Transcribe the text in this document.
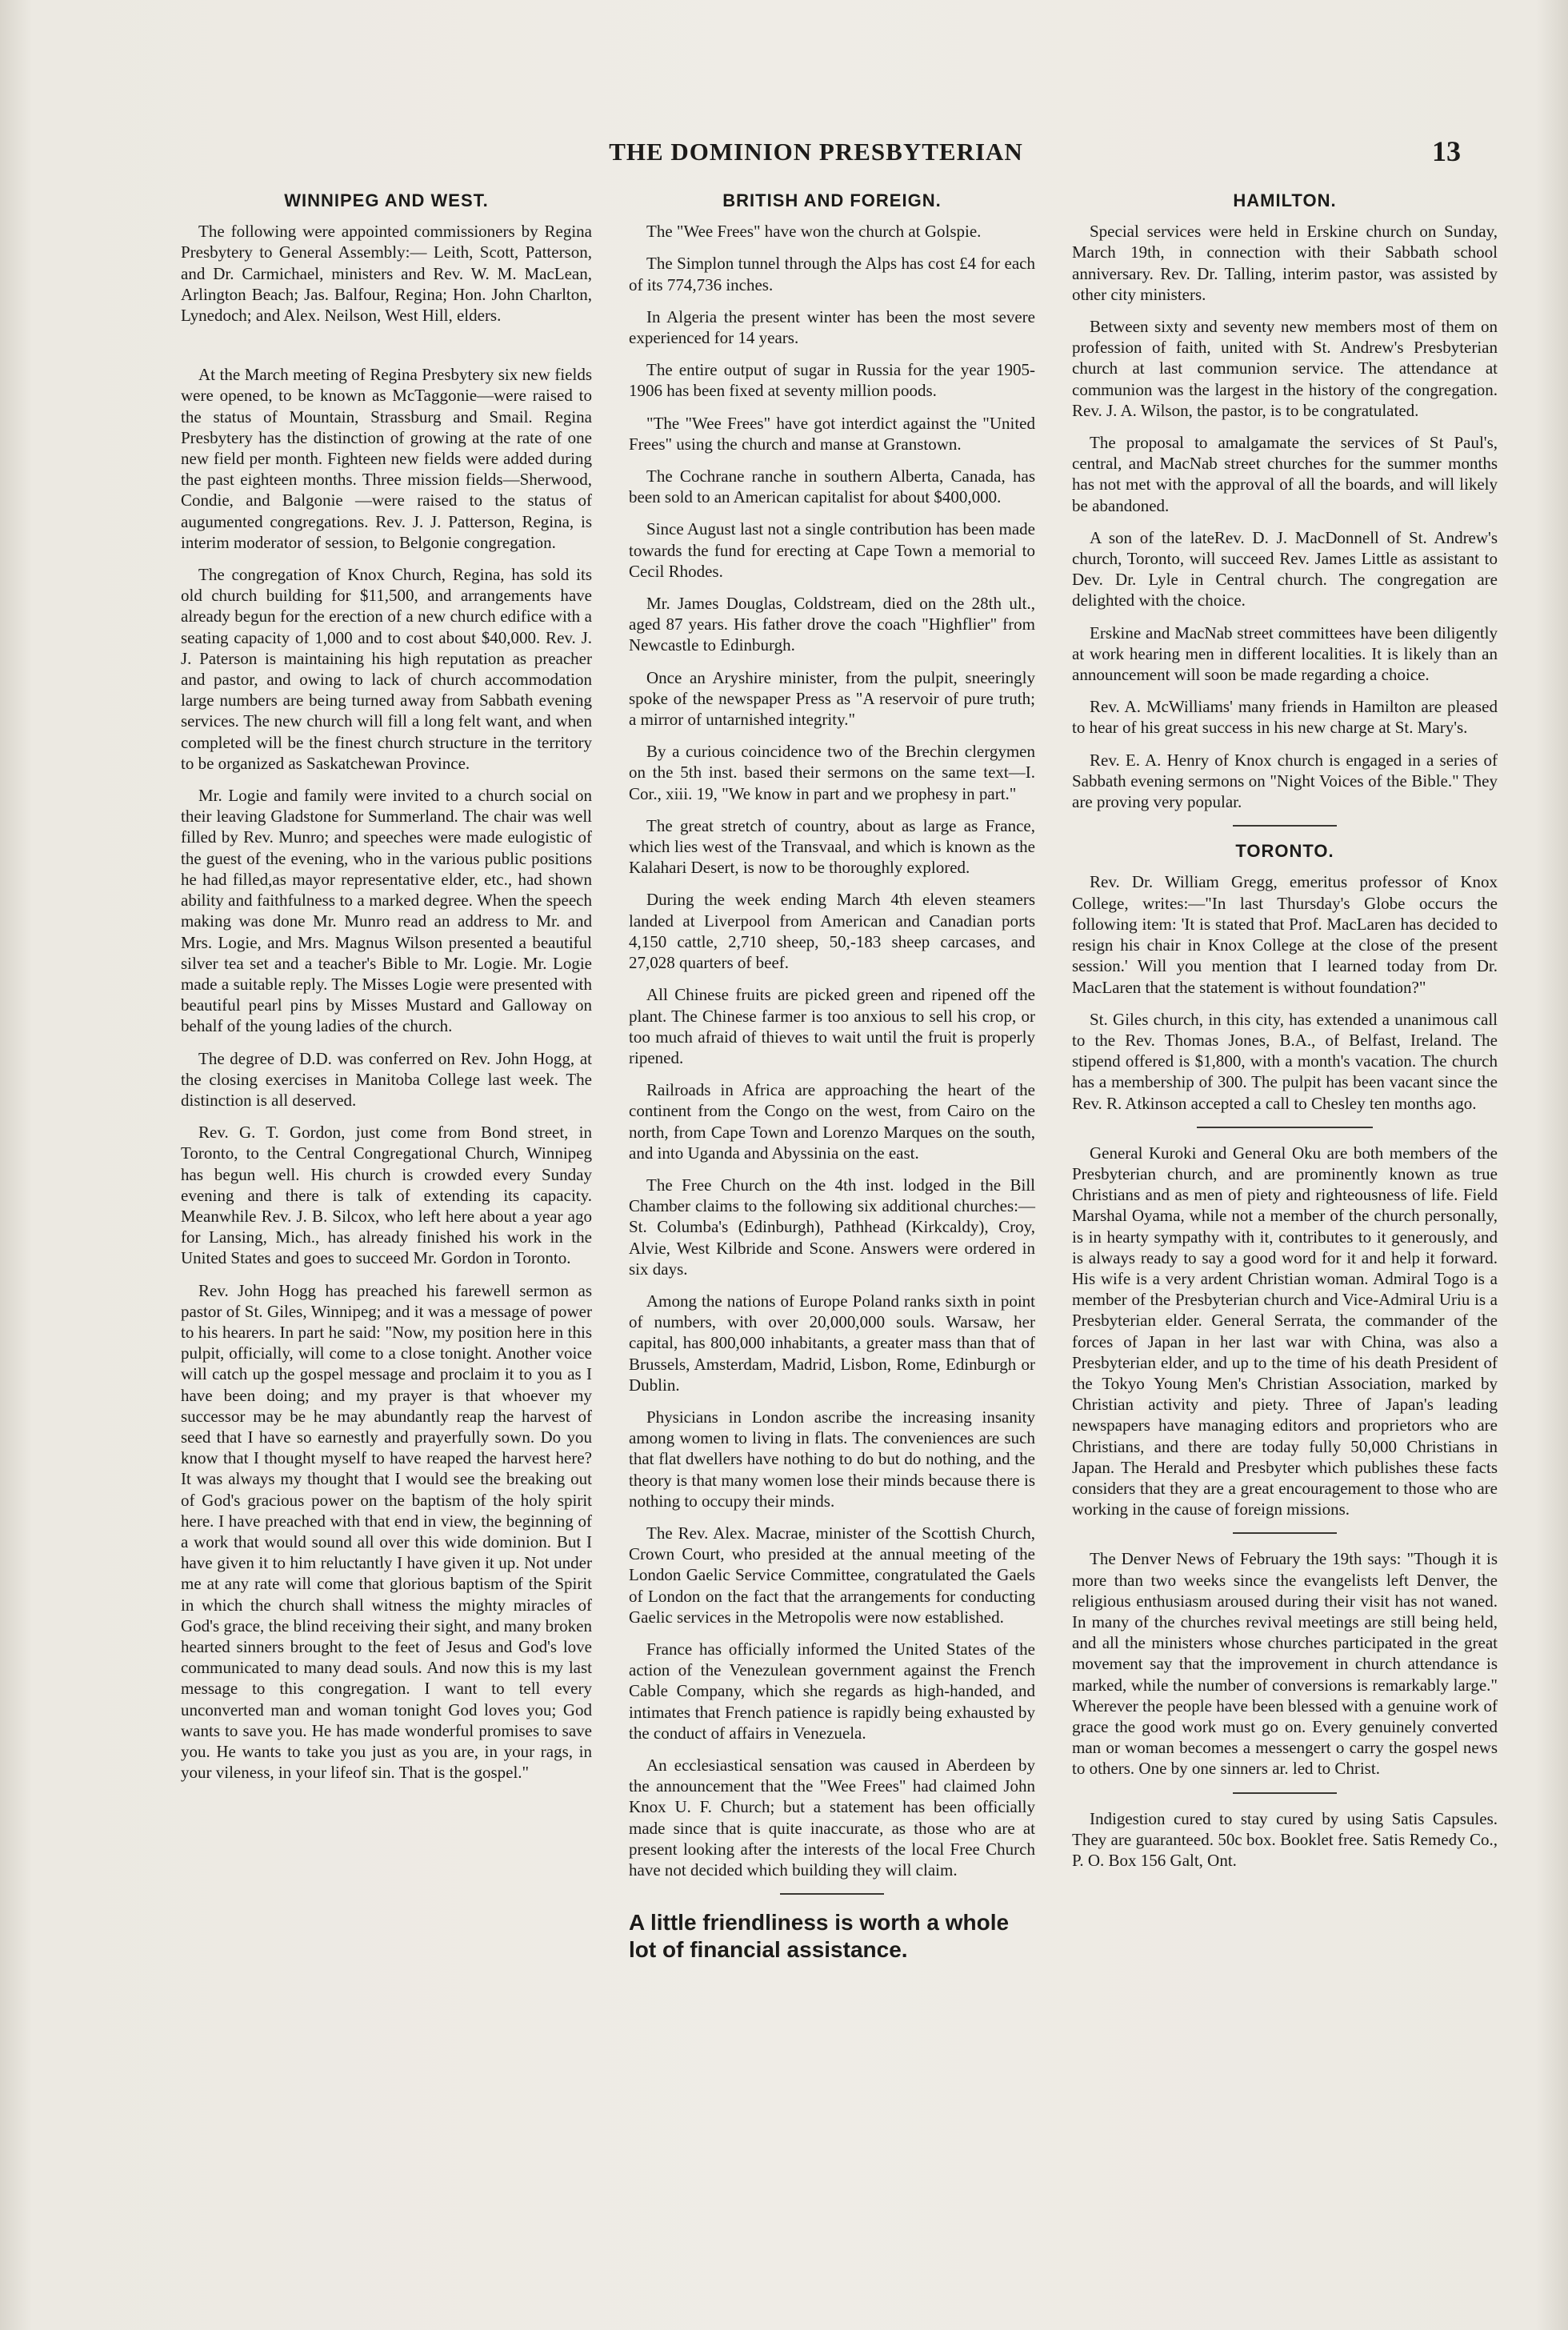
THE DOMINION PRESBYTERIAN	13
WINNIPEG AND WEST.

The following were appointed commissioners by Regina Presbytery to General Assembly:— Leith, Scott, Patterson, and Dr. Carmichael, ministers and Rev. W. M. MacLean, Arlington Beach; Jas. Balfour, Regina; Hon. John Charlton, Lynedoch; and Alex. Neilson, West Hill, elders.

At the March meeting of Regina Presbytery six new fields were opened, to be known as McTaggonie—were raised to the status of Mountain, Strassburg and Smail. Regina Presbytery has the distinction of growing at the rate of one new field per month. Fighteen new fields were added during the past eighteen months. Three mission fields—Sherwood, Condie, and Balgonie —were raised to the status of augumented congregations. Rev. J. J. Patterson, Regina, is interim moderator of session, to Belgonie congregation.

The congregation of Knox Church, Regina, has sold its old church building for $11,500, and arrangements have already begun for the erection of a new church edifice with a seating capacity of 1,000 and to cost about $40,000. Rev. J. J. Paterson is maintaining his high reputation as preacher and pastor, and owing to lack of church accommodation large numbers are being turned away from Sabbath evening services. The new church will fill a long felt want, and when completed will be the finest church structure in the territory to be organized as Saskatchewan Province.

Mr. Logie and family were invited to a church social on their leaving Gladstone for Summerland. The chair was well filled by Rev. Munro; and speeches were made eulogistic of the guest of the evening, who in the various public positions he had filled,as mayor representative elder, etc., had shown ability and faithfulness to a marked degree. When the speech making was done Mr. Munro read an address to Mr. and Mrs. Logie, and Mrs. Magnus Wilson presented a beautiful silver tea set and a teacher's Bible to Mr. Logie. Mr. Logie made a suitable reply. The Misses Logie were presented with beautiful pearl pins by Misses Mustard and Galloway on behalf of the young ladies of the church.

The degree of D.D. was conferred on Rev. John Hogg, at the closing exercises in Manitoba College last week. The distinction is all deserved.

Rev. G. T. Gordon, just come from Bond street, in Toronto, to the Central Congregational Church, Winnipeg has begun well. His church is crowded every Sunday evening and there is talk of extending its capacity. Meanwhile Rev. J. B. Silcox, who left here about a year ago for Lansing, Mich., has already finished his work in the United States and goes to succeed Mr. Gordon in Toronto.

Rev. John Hogg has preached his farewell sermon as pastor of St. Giles, Winnipeg; and it was a message of power to his hearers. In part he said: "Now, my position here in this pulpit, officially, will come to a close tonight. Another voice will catch up the gospel message and proclaim it to you as I have been doing; and my prayer is that whoever my successor may be he may abundantly reap the harvest of seed that I have so earnestly and prayerfully sown. Do you know that I thought myself to have reaped the harvest here? It was always my thought that I would see the breaking out of God's gracious power on the baptism of the holy spirit here. I have preached with that end in view, the beginning of a work that would sound all over this wide dominion. But I have given it to him reluctantly I have given it up. Not under me at any rate will come that glorious baptism of the Spirit in which the church shall witness the mighty miracles of God's grace, the blind receiving their sight, and many broken hearted sinners brought to the feet of Jesus and God's love communicated to many dead souls. And now this is my last message to this congregation. I want to tell every unconverted man and woman tonight God loves you; God wants to save you. He has made wonderful promises to save you. He wants to take you just as you are, in your rags, in your vileness, in your lifeof sin. That is the gospel."

BRITISH AND FOREIGN.

The "Wee Frees" have won the church at Golspie.

The Simplon tunnel through the Alps has cost £4 for each of its 774,736 inches.

In Algeria the present winter has been the most severe experienced for 14 years.

The entire output of sugar in Russia for the year 1905-1906 has been fixed at seventy million poods.

"The "Wee Frees" have got interdict against the "United Frees" using the church and manse at Granstown.

The Cochrane ranche in southern Alberta, Canada, has been sold to an American capitalist for about $400,000.

Since August last not a single contribution has been made towards the fund for erecting at Cape Town a memorial to Cecil Rhodes.

Mr. James Douglas, Coldstream, died on the 28th ult., aged 87 years. His father drove the coach "Highflier" from Newcastle to Edinburgh.

Once an Aryshire minister, from the pulpit, sneeringly spoke of the newspaper Press as "A reservoir of pure truth; a mirror of untarnished integrity."

By a curious coincidence two of the Brechin clergymen on the 5th inst. based their sermons on the same text—I. Cor., xiii. 19, "We know in part and we prophesy in part."

The great stretch of country, about as large as France, which lies west of the Transvaal, and which is known as the Kalahari Desert, is now to be thoroughly explored.

During the week ending March 4th eleven steamers landed at Liverpool from American and Canadian ports 4,150 cattle, 2,710 sheep, 50,-183 sheep carcases, and 27,028 quarters of beef.

All Chinese fruits are picked green and ripened off the plant. The Chinese farmer is too anxious to sell his crop, or too much afraid of thieves to wait until the fruit is properly ripened.

Railroads in Africa are approaching the heart of the continent from the Congo on the west, from Cairo on the north, from Cape Town and Lorenzo Marques on the south, and into Uganda and Abyssinia on the east.

The Free Church on the 4th inst. lodged in the Bill Chamber claims to the following six additional churches:—St. Columba's (Edinburgh), Pathhead (Kirkcaldy), Croy, Alvie, West Kilbride and Scone. Answers were ordered in six days.

Among the nations of Europe Poland ranks sixth in point of numbers, with over 20,000,000 souls. Warsaw, her capital, has 800,000 inhabitants, a greater mass than that of Brussels, Amsterdam, Madrid, Lisbon, Rome, Edinburgh or Dublin.

Physicians in London ascribe the increasing insanity among women to living in flats. The conveniences are such that flat dwellers have nothing to do but do nothing, and the theory is that many women lose their minds because there is nothing to occupy their minds.

The Rev. Alex. Macrae, minister of the Scottish Church, Crown Court, who presided at the annual meeting of the London Gaelic Service Committee, congratulated the Gaels of London on the fact that the arrangements for conducting Gaelic services in the Metropolis were now established.

France has officially informed the United States of the action of the Venezulean government against the French Cable Company, which she regards as high-handed, and intimates that French patience is rapidly being exhausted by the conduct of affairs in Venezuela.

An ecclesiastical sensation was caused in Aberdeen by the announcement that the "Wee Frees" had claimed John Knox U. F. Church; but a statement has been officially made since that is quite inaccurate, as those who are at present looking after the interests of the local Free Church have not decided which building they will claim.

A little friendliness is worth a whole lot of financial assistance.

HAMILTON.

Special services were held in Erskine church on Sunday, March 19th, in connection with their Sabbath school anniversary. Rev. Dr. Talling, interim pastor, was assisted by other city ministers.

Between sixty and seventy new members most of them on profession of faith, united with St. Andrew's Presbyterian church at last communion service. The attendance at communion was the largest in the history of the congregation. Rev. J. A. Wilson, the pastor, is to be congratulated.

The proposal to amalgamate the services of St Paul's, central, and MacNab street churches for the summer months has not met with the approval of all the boards, and will likely be abandoned.

A son of the lateRev. D. J. MacDonnell of St. Andrew's church, Toronto, will succeed Rev. James Little as assistant to Dev. Dr. Lyle in Central church. The congregation are delighted with the choice.

Erskine and MacNab street committees have been diligently at work hearing men in different localities. It is likely than an announcement will soon be made regarding a choice.

Rev. A. McWilliams' many friends in Hamilton are pleased to hear of his great success in his new charge at St. Mary's.

Rev. E. A. Henry of Knox church is engaged in a series of Sabbath evening sermons on "Night Voices of the Bible." They are proving very popular.

TORONTO.

Rev. Dr. William Gregg, emeritus professor of Knox College, writes:—"In last Thursday's Globe occurs the following item: 'It is stated that Prof. MacLaren has decided to resign his chair in Knox College at the close of the present session.' Will you mention that I learned today from Dr. MacLaren that the statement is without foundation?"

St. Giles church, in this city, has extended a unanimous call to the Rev. Thomas Jones, B.A., of Belfast, Ireland. The stipend offered is $1,800, with a month's vacation. The church has a membership of 300. The pulpit has been vacant since the Rev. R. Atkinson accepted a call to Chesley ten months ago.

General Kuroki and General Oku are both members of the Presbyterian church, and are prominently known as true Christians and as men of piety and righteousness of life. Field Marshal Oyama, while not a member of the church personally, is in hearty sympathy with it, contributes to it generously, and is always ready to say a good word for it and help it forward. His wife is a very ardent Christian woman. Admiral Togo is a member of the Presbyterian church and Vice-Admiral Uriu is a Presbyterian elder. General Serrata, the commander of the forces of Japan in her last war with China, was also a Presbyterian elder, and up to the time of his death President of the Tokyo Young Men's Christian Association, marked by Christian activity and piety. Three of Japan's leading newspapers have managing editors and proprietors who are Christians, and there are today fully 50,000 Christians in Japan. The Herald and Presbyter which publishes these facts considers that they are a great encouragement to those who are working in the cause of foreign missions.

The Denver News of February the 19th says: "Though it is more than two weeks since the evangelists left Denver, the religious enthusiasm aroused during their visit has not waned. In many of the churches revival meetings are still being held, and all the ministers whose churches participated in the great movement say that the improvement in church attendance is marked, while the number of conversions is remarkably large." Wherever the people have been blessed with a genuine work of grace the good work must go on. Every genuinely converted man or woman becomes a messengert o carry the gospel news to others. One by one sinners ar. led to Christ.

Indigestion cured to stay cured by using Satis Capsules. They are guaranteed. 50c box. Booklet free. Satis Remedy Co., P. O. Box 156 Galt, Ont.
